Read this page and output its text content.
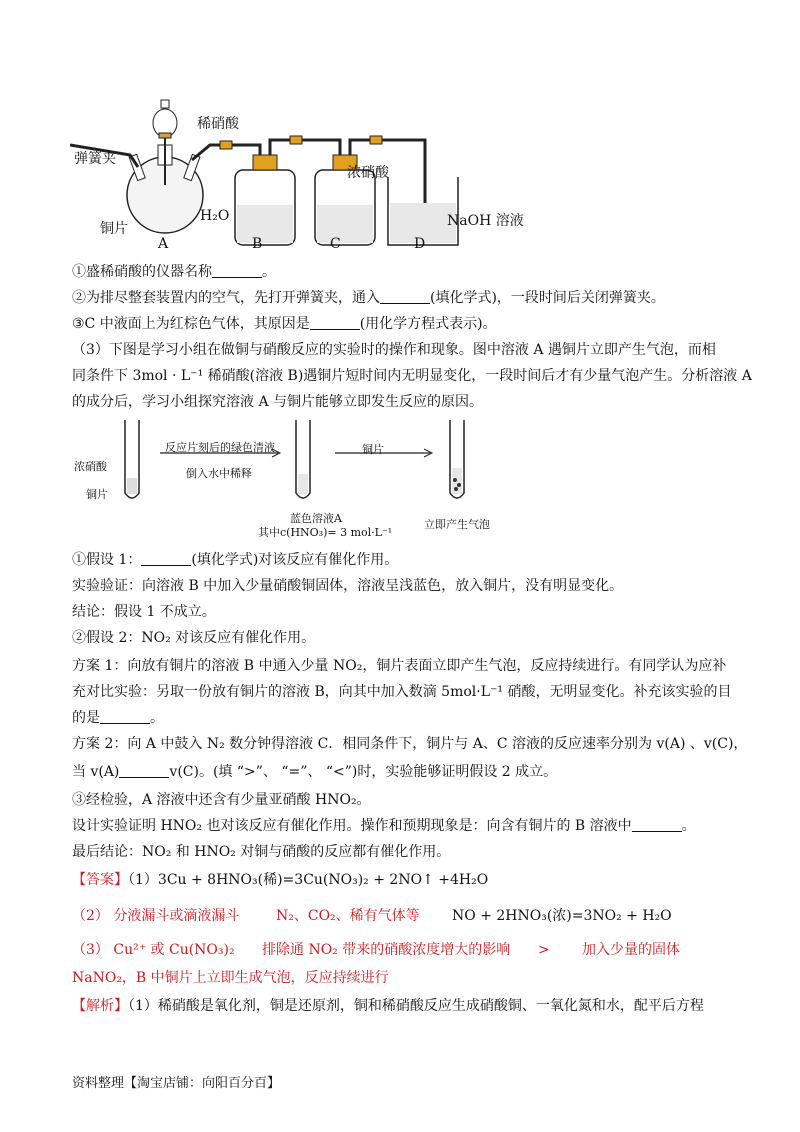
稀硝酸
弹簧夹
铜片
H₂O
浓硝酸
NaOH 溶液
A	B	C	D
①盛稀硝酸的仪器名称	。
②为排尽整套装置内的空气，先打开弹簧夹，通入	(填化学式)，一段时间后关闭弹簧夹。
③C 中液面上为红棕色气体，其原因是	(用化学方程式表示)。
（3）下图是学习小组在做铜与硝酸反应的实验时的操作和现象。图中溶液 A 遇铜片立即产生气泡，而相
同条件下 3mol · L⁻¹ 稀硝酸(溶液 B)遇铜片短时间内无明显变化，一段时间后才有少量气泡产生。分析溶液 A
的成分后，学习小组探究溶液 A 与铜片能够立即发生反应的原因。
浓硝酸
铜片
反应片刻后的绿色清液
倒入水中稀释
铜片
蓝色溶液A
其中c(HNO₃)= 3 mol·L⁻¹
立即产生气泡
①假设 1：	(填化学式)对该反应有催化作用。
实验验证：向溶液 B 中加入少量硝酸铜固体，溶液呈浅蓝色，放入铜片，没有明显变化。
结论：假设 1 不成立。
②假设 2：NO₂ 对该反应有催化作用。
方案 1：向放有铜片的溶液 B 中通入少量 NO₂，铜片表面立即产生气泡，反应持续进行。有同学认为应补
充对比实验：另取一份放有铜片的溶液 B，向其中加入数滴 5mol·L⁻¹ 硝酸，无明显变化。补充该实验的目
的是	。
方案 2：向 A 中鼓入 N₂ 数分钟得溶液 C．相同条件下，铜片与 A、C 溶液的反应速率分别为 v(A) 、v(C)，
当 v(A)	v(C)。(填 “>”、 “=”、 “<”)时，实验能够证明假设 2 成立。
③经检验，A 溶液中还含有少量亚硝酸 HNO₂。
设计实验证明 HNO₂ 也对该反应有催化作用。操作和预期现象是：向含有铜片的 B 溶液中	。
最后结论：NO₂ 和 HNO₂ 对铜与硝酸的反应都有催化作用。
【答案】（1）3Cu + 8HNO₃(稀)=3Cu(NO₃)₂ + 2NO↑ +4H₂O
（2） 分液漏斗或滴液漏斗	N₂、CO₂、稀有气体等 NO + 2HNO₃(浓)=3NO₂ + H₂O
（3） Cu²⁺ 或 Cu(NO₃)₂ 排除通 NO₂ 带来的硝酸浓度增大的影响 > 加入少量的固体
NaNO₂，B 中铜片上立即生成气泡，反应持续进行
【解析】（1）稀硝酸是氧化剂，铜是还原剂，铜和稀硝酸反应生成硝酸铜、一氧化氮和水，配平后方程
资料整理【淘宝店铺：向阳百分百】
